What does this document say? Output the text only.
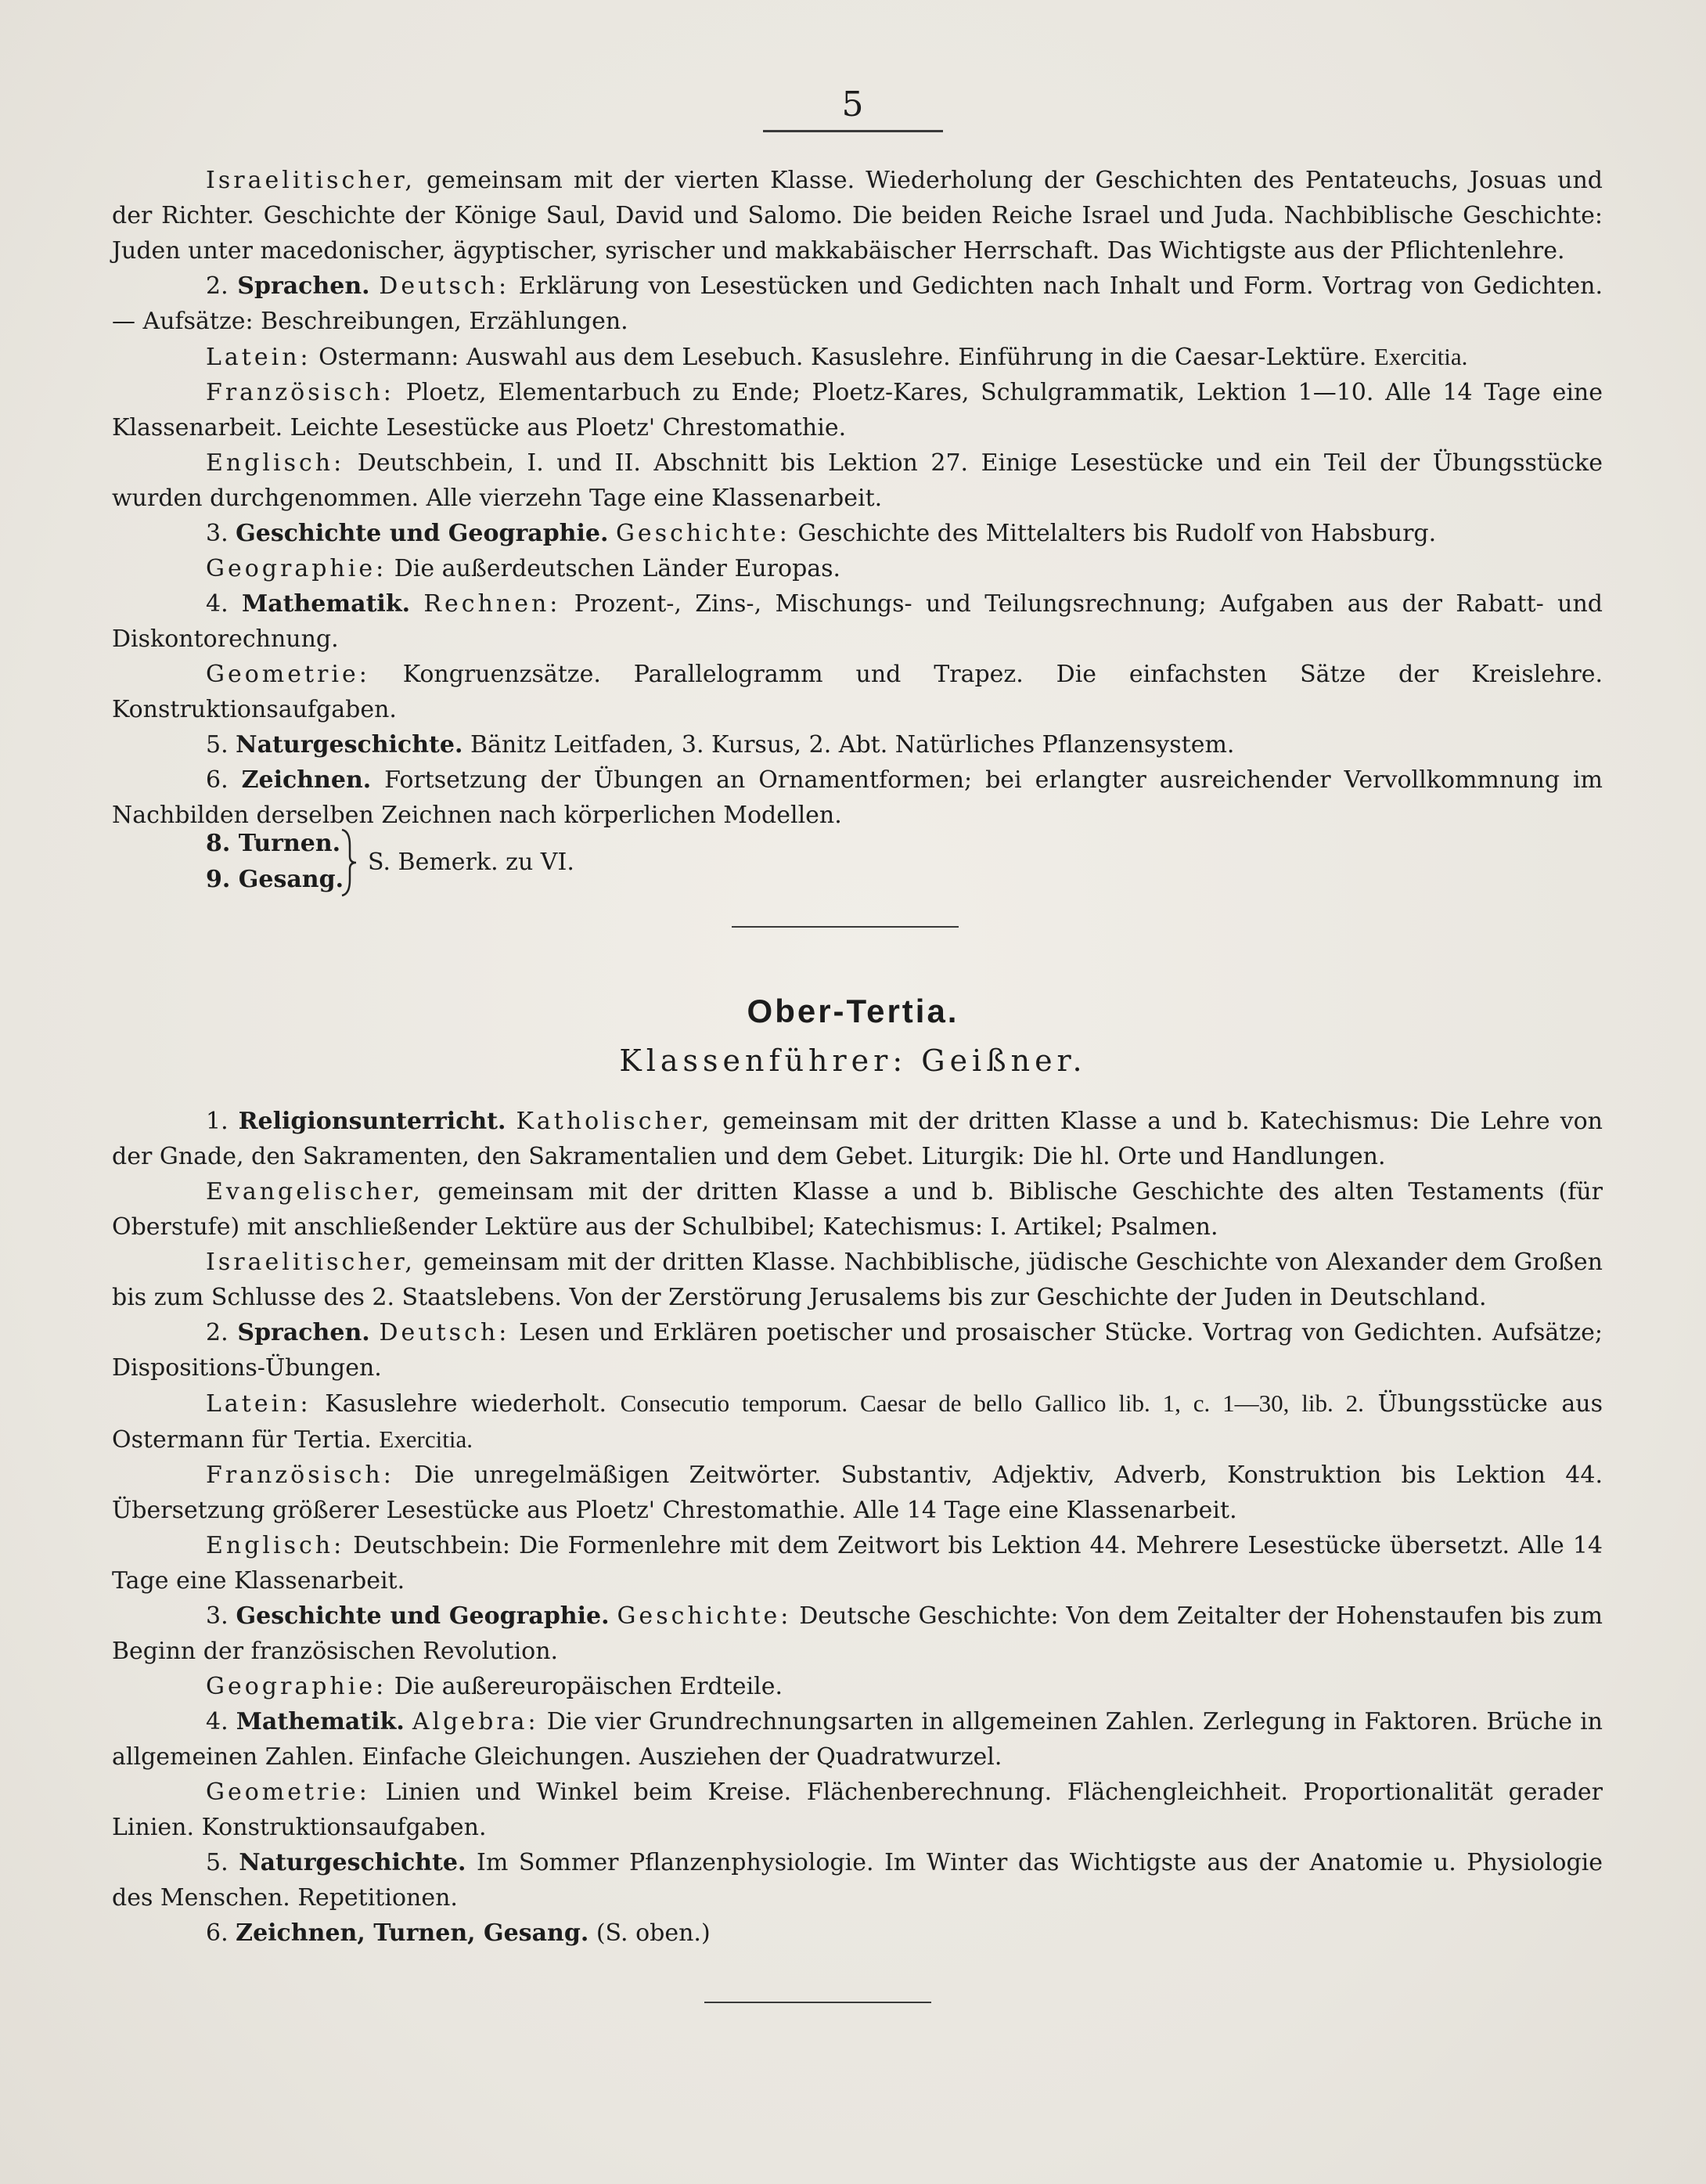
5

Israelitischer, gemeinsam mit der vierten Klasse. Wiederholung der Geschichten des Pentateuchs, Josuas und der Richter. Geschichte der Könige Saul, David und Salomo. Die beiden Reiche Israel und Juda. Nachbiblische Geschichte: Juden unter macedonischer, ägyptischer, syrischer und makkabäischer Herrschaft. Das Wichtigste aus der Pflichtenlehre.

2. Sprachen. Deutsch: Erklärung von Lesestücken und Gedichten nach Inhalt und Form. Vortrag von Gedichten. — Aufsätze: Beschreibungen, Erzählungen.

Latein: Ostermann: Auswahl aus dem Lesebuch. Kasuslehre. Einführung in die Caesar-Lektüre. Exercitia.

Französisch: Ploetz, Elementarbuch zu Ende; Ploetz-Kares, Schulgrammatik, Lektion 1—10. Alle 14 Tage eine Klassenarbeit. Leichte Lesestücke aus Ploetz' Chrestomathie.

Englisch: Deutschbein, I. und II. Abschnitt bis Lektion 27. Einige Lesestücke und ein Teil der Übungsstücke wurden durchgenommen. Alle vierzehn Tage eine Klassenarbeit.

3. Geschichte und Geographie. Geschichte: Geschichte des Mittelalters bis Rudolf von Habsburg.

Geographie: Die außerdeutschen Länder Europas.

4. Mathematik. Rechnen: Prozent-, Zins-, Mischungs- und Teilungsrechnung; Aufgaben aus der Rabatt- und Diskontorechnung.

Geometrie: Kongruenzsätze. Parallelogramm und Trapez. Die einfachsten Sätze der Kreislehre. Konstruktionsaufgaben.

5. Naturgeschichte. Bänitz Leitfaden, 3. Kursus, 2. Abt. Natürliches Pflanzensystem.

6. Zeichnen. Fortsetzung der Übungen an Ornamentformen; bei erlangter ausreichender Vervollkommnung im Nachbilden derselben Zeichnen nach körperlichen Modellen.

8. Turnen.
9. Gesang.
S. Bemerk. zu VI.
Ober-Tertia.
Klassenführer: Geißner.

1. Religionsunterricht. Katholischer, gemeinsam mit der dritten Klasse a und b. Katechismus: Die Lehre von der Gnade, den Sakramenten, den Sakramentalien und dem Gebet. Liturgik: Die hl. Orte und Handlungen.

Evangelischer, gemeinsam mit der dritten Klasse a und b. Biblische Geschichte des alten Testaments (für Oberstufe) mit anschließender Lektüre aus der Schulbibel; Katechismus: I. Artikel; Psalmen.

Israelitischer, gemeinsam mit der dritten Klasse. Nachbiblische, jüdische Geschichte von Alexander dem Großen bis zum Schlusse des 2. Staatslebens. Von der Zerstörung Jerusalems bis zur Geschichte der Juden in Deutschland.

2. Sprachen. Deutsch: Lesen und Erklären poetischer und prosaischer Stücke. Vortrag von Gedichten. Aufsätze; Dispositions-Übungen.

Latein: Kasuslehre wiederholt. Consecutio temporum. Caesar de bello Gallico lib. 1, c. 1—30, lib. 2. Übungsstücke aus Ostermann für Tertia. Exercitia.

Französisch: Die unregelmäßigen Zeitwörter. Substantiv, Adjektiv, Adverb, Konstruktion bis Lektion 44. Übersetzung größerer Lesestücke aus Ploetz' Chrestomathie. Alle 14 Tage eine Klassenarbeit.

Englisch: Deutschbein: Die Formenlehre mit dem Zeitwort bis Lektion 44. Mehrere Lesestücke übersetzt. Alle 14 Tage eine Klassenarbeit.

3. Geschichte und Geographie. Geschichte: Deutsche Geschichte: Von dem Zeitalter der Hohenstaufen bis zum Beginn der französischen Revolution.

Geographie: Die außereuropäischen Erdteile.

4. Mathematik. Algebra: Die vier Grundrechnungsarten in allgemeinen Zahlen. Zerlegung in Faktoren. Brüche in allgemeinen Zahlen. Einfache Gleichungen. Ausziehen der Quadratwurzel.

Geometrie: Linien und Winkel beim Kreise. Flächenberechnung. Flächengleichheit. Proportionalität gerader Linien. Konstruktionsaufgaben.

5. Naturgeschichte. Im Sommer Pflanzenphysiologie. Im Winter das Wichtigste aus der Anatomie u. Physiologie des Menschen. Repetitionen.

6. Zeichnen, Turnen, Gesang. (S. oben.)
